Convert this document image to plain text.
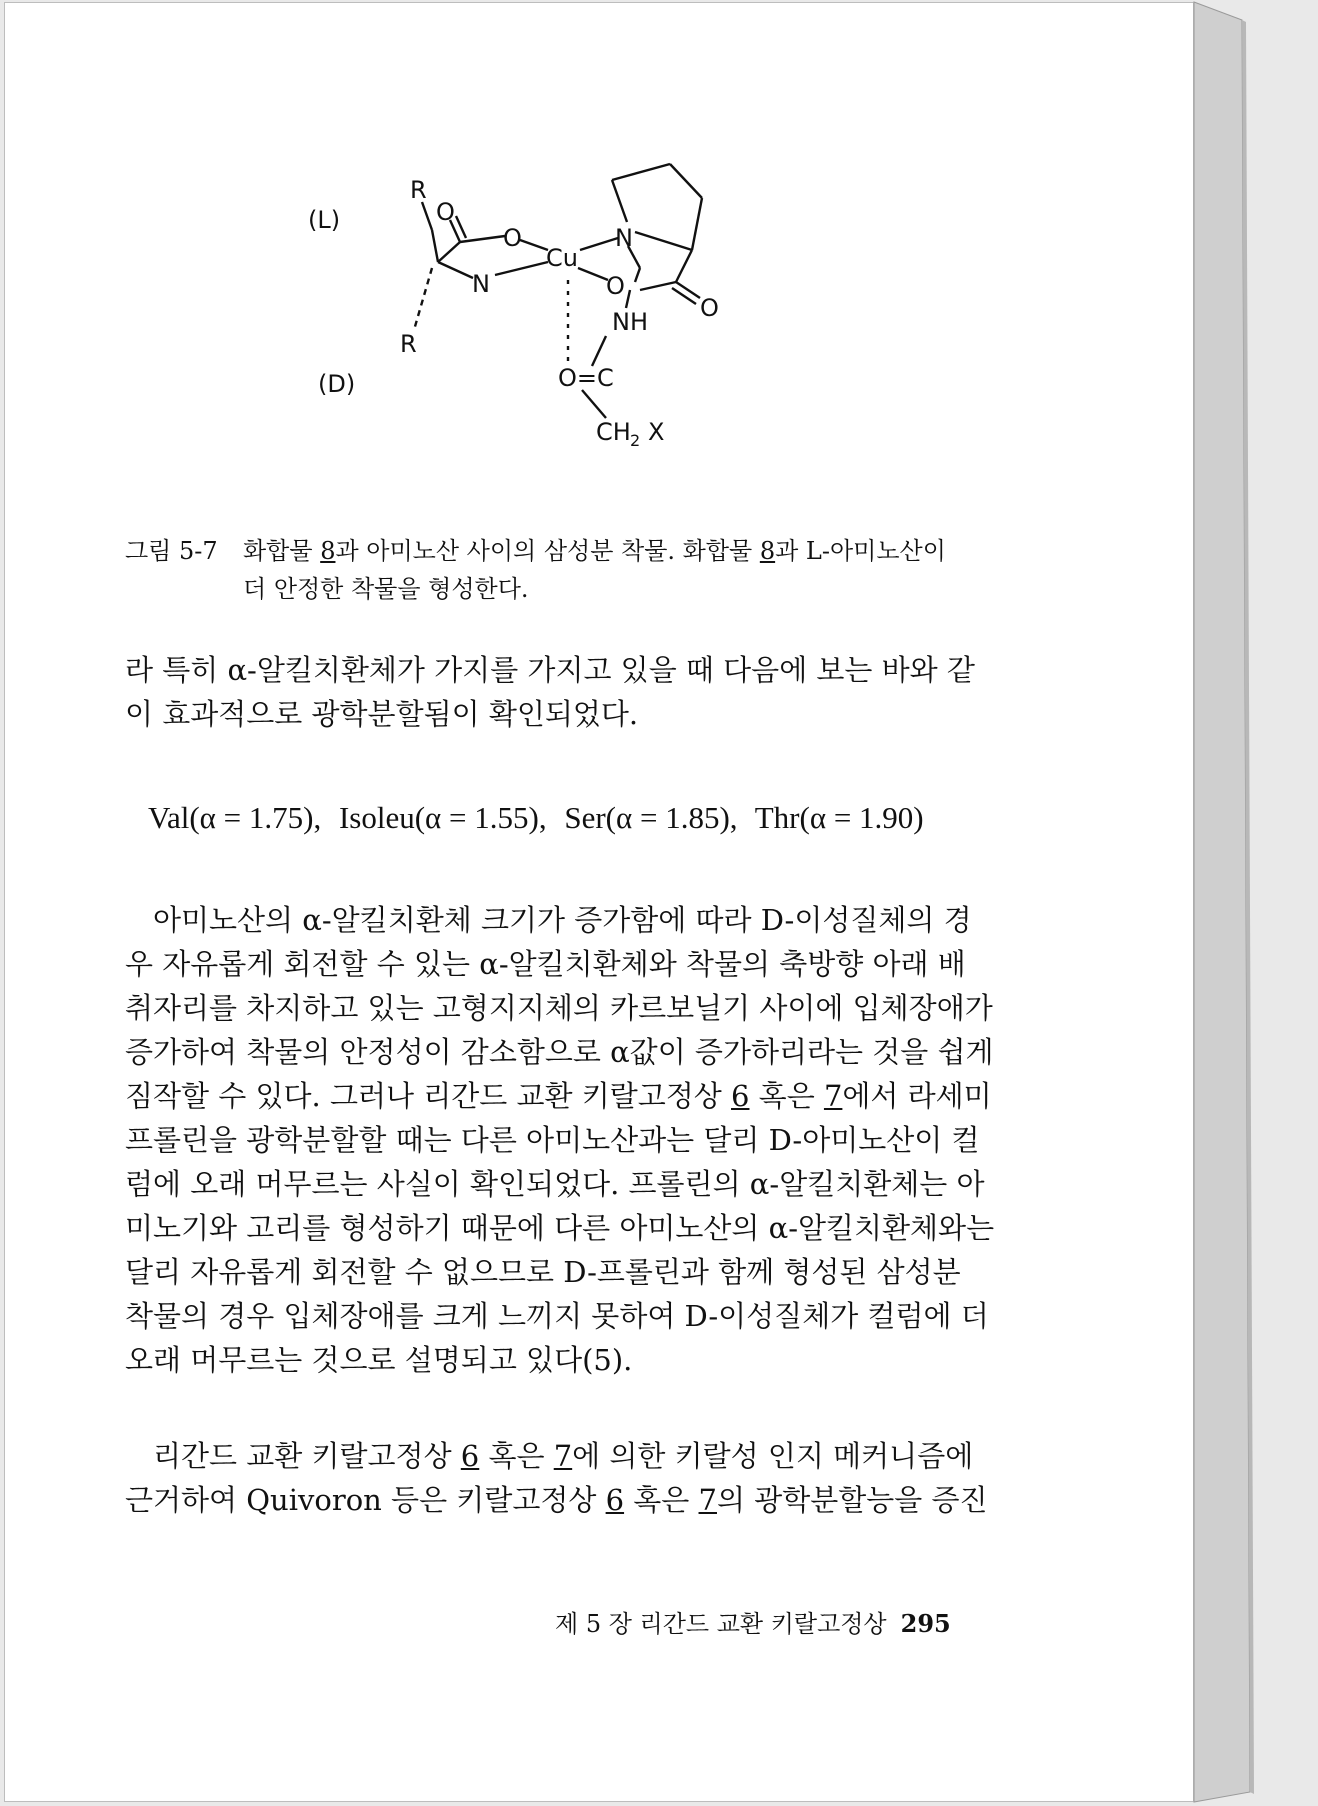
R
(L)	O
O
Cu
N
R
(D)
N
O
O
NH
O=C
CH 2 X
그림 5-7 화합물 8과 아미노산 사이의 삼성분 착물. 화합물 8과 L-아미노산이
더 안정한 착물을 형성한다.
라 특히 α-알킬치환체가 가지를 가지고 있을 때 다음에 보는 바와 같
이 효과적으로 광학분할됨이 확인되었다.
Val(α = 1.75), Isoleu(α = 1.55), Ser(α = 1.85), Thr(α = 1.90)
아미노산의 α-알킬치환체 크기가 증가함에 따라 D-이성질체의 경
우 자유롭게 회전할 수 있는 α-알킬치환체와 착물의 축방향 아래 배
취자리를 차지하고 있는 고형지지체의 카르보닐기 사이에 입체장애가
증가하여 착물의 안정성이 감소함으로 α값이 증가하리라는 것을 쉽게
짐작할 수 있다. 그러나 리간드 교환 키랄고정상 6 혹은 7에서 라세미
프롤린을 광학분할할 때는 다른 아미노산과는 달리 D-아미노산이 컬
럼에 오래 머무르는 사실이 확인되었다. 프롤린의 α-알킬치환체는 아
미노기와 고리를 형성하기 때문에 다른 아미노산의 α-알킬치환체와는
달리 자유롭게 회전할 수 없으므로 D-프롤린과 함께 형성된 삼성분
착물의 경우 입체장애를 크게 느끼지 못하여 D-이성질체가 컬럼에 더
오래 머무르는 것으로 설명되고 있다(5).
리간드 교환 키랄고정상 6 혹은 7에 의한 키랄성 인지 메커니즘에
근거하여 Quivoron 등은 키랄고정상 6 혹은 7의 광학분할능을 증진
제 5 장 리간드 교환 키랄고정상 295
